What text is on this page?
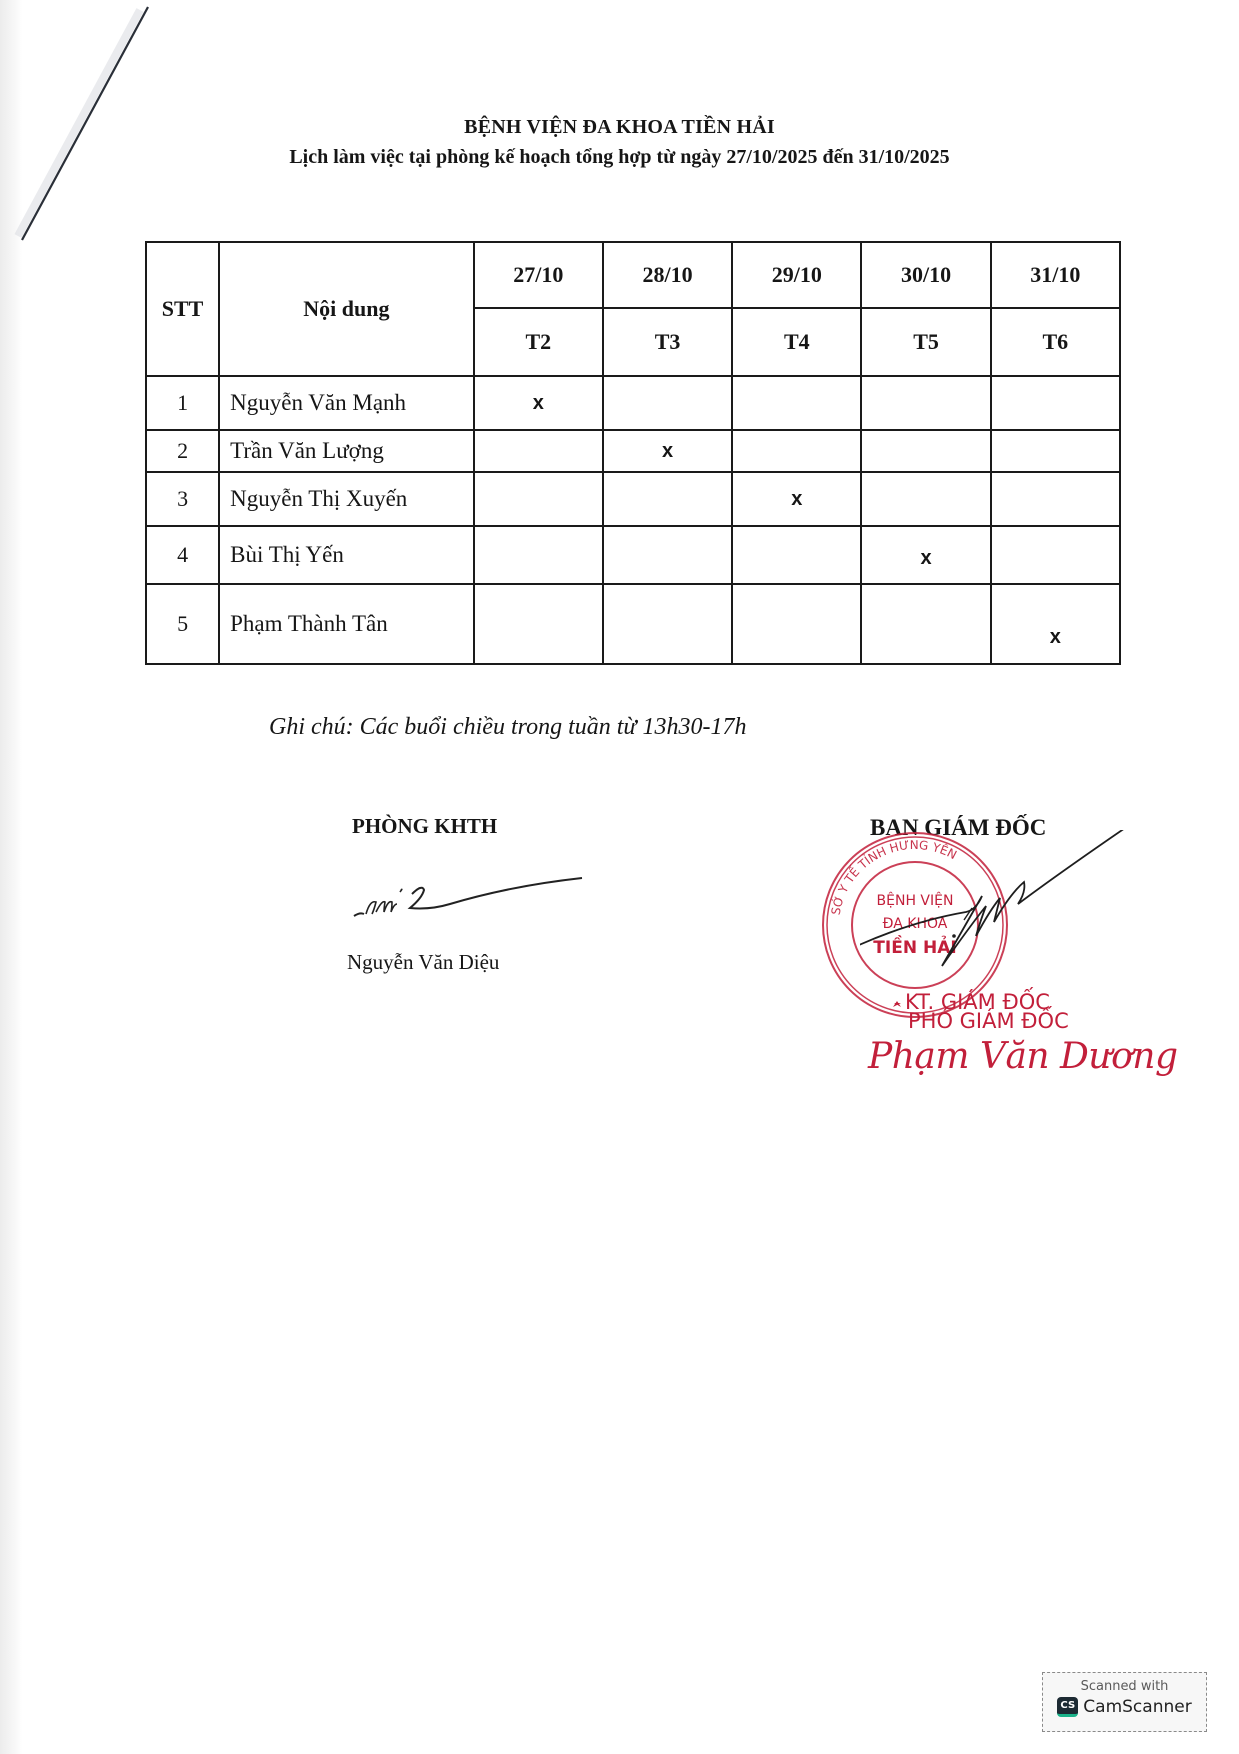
BỆNH VIỆN ĐA KHOA TIỀN HẢI
Lịch làm việc tại phòng kế hoạch tổng hợp từ ngày 27/10/2025 đến 31/10/2025
STT	Nội dung	27/10	28/10	29/10	30/10	31/10
		T2	T3	T4	T5	T6
1	Nguyễn Văn Mạnh	x				
2	Trần Văn Lượng		x			
3	Nguyễn Thị Xuyến			x		
4	Bùi Thị Yến				x	
5	Phạm Thành Tân					x
Ghi chú: Các buổi chiều trong tuần từ 13h30-17h
PHÒNG KHTH
Nguyễn Văn Diệu
BAN GIÁM ĐỐC
SỞ Y TẾ TỈNH HƯNG YÊN
BỆNH VIỆN
ĐA KHOA
TIỀN HẢI
KT. GIÁM ĐỐC
PHÓ GIÁM ĐỐC
Phạm Văn Dương
Scanned with
CS CamScanner
